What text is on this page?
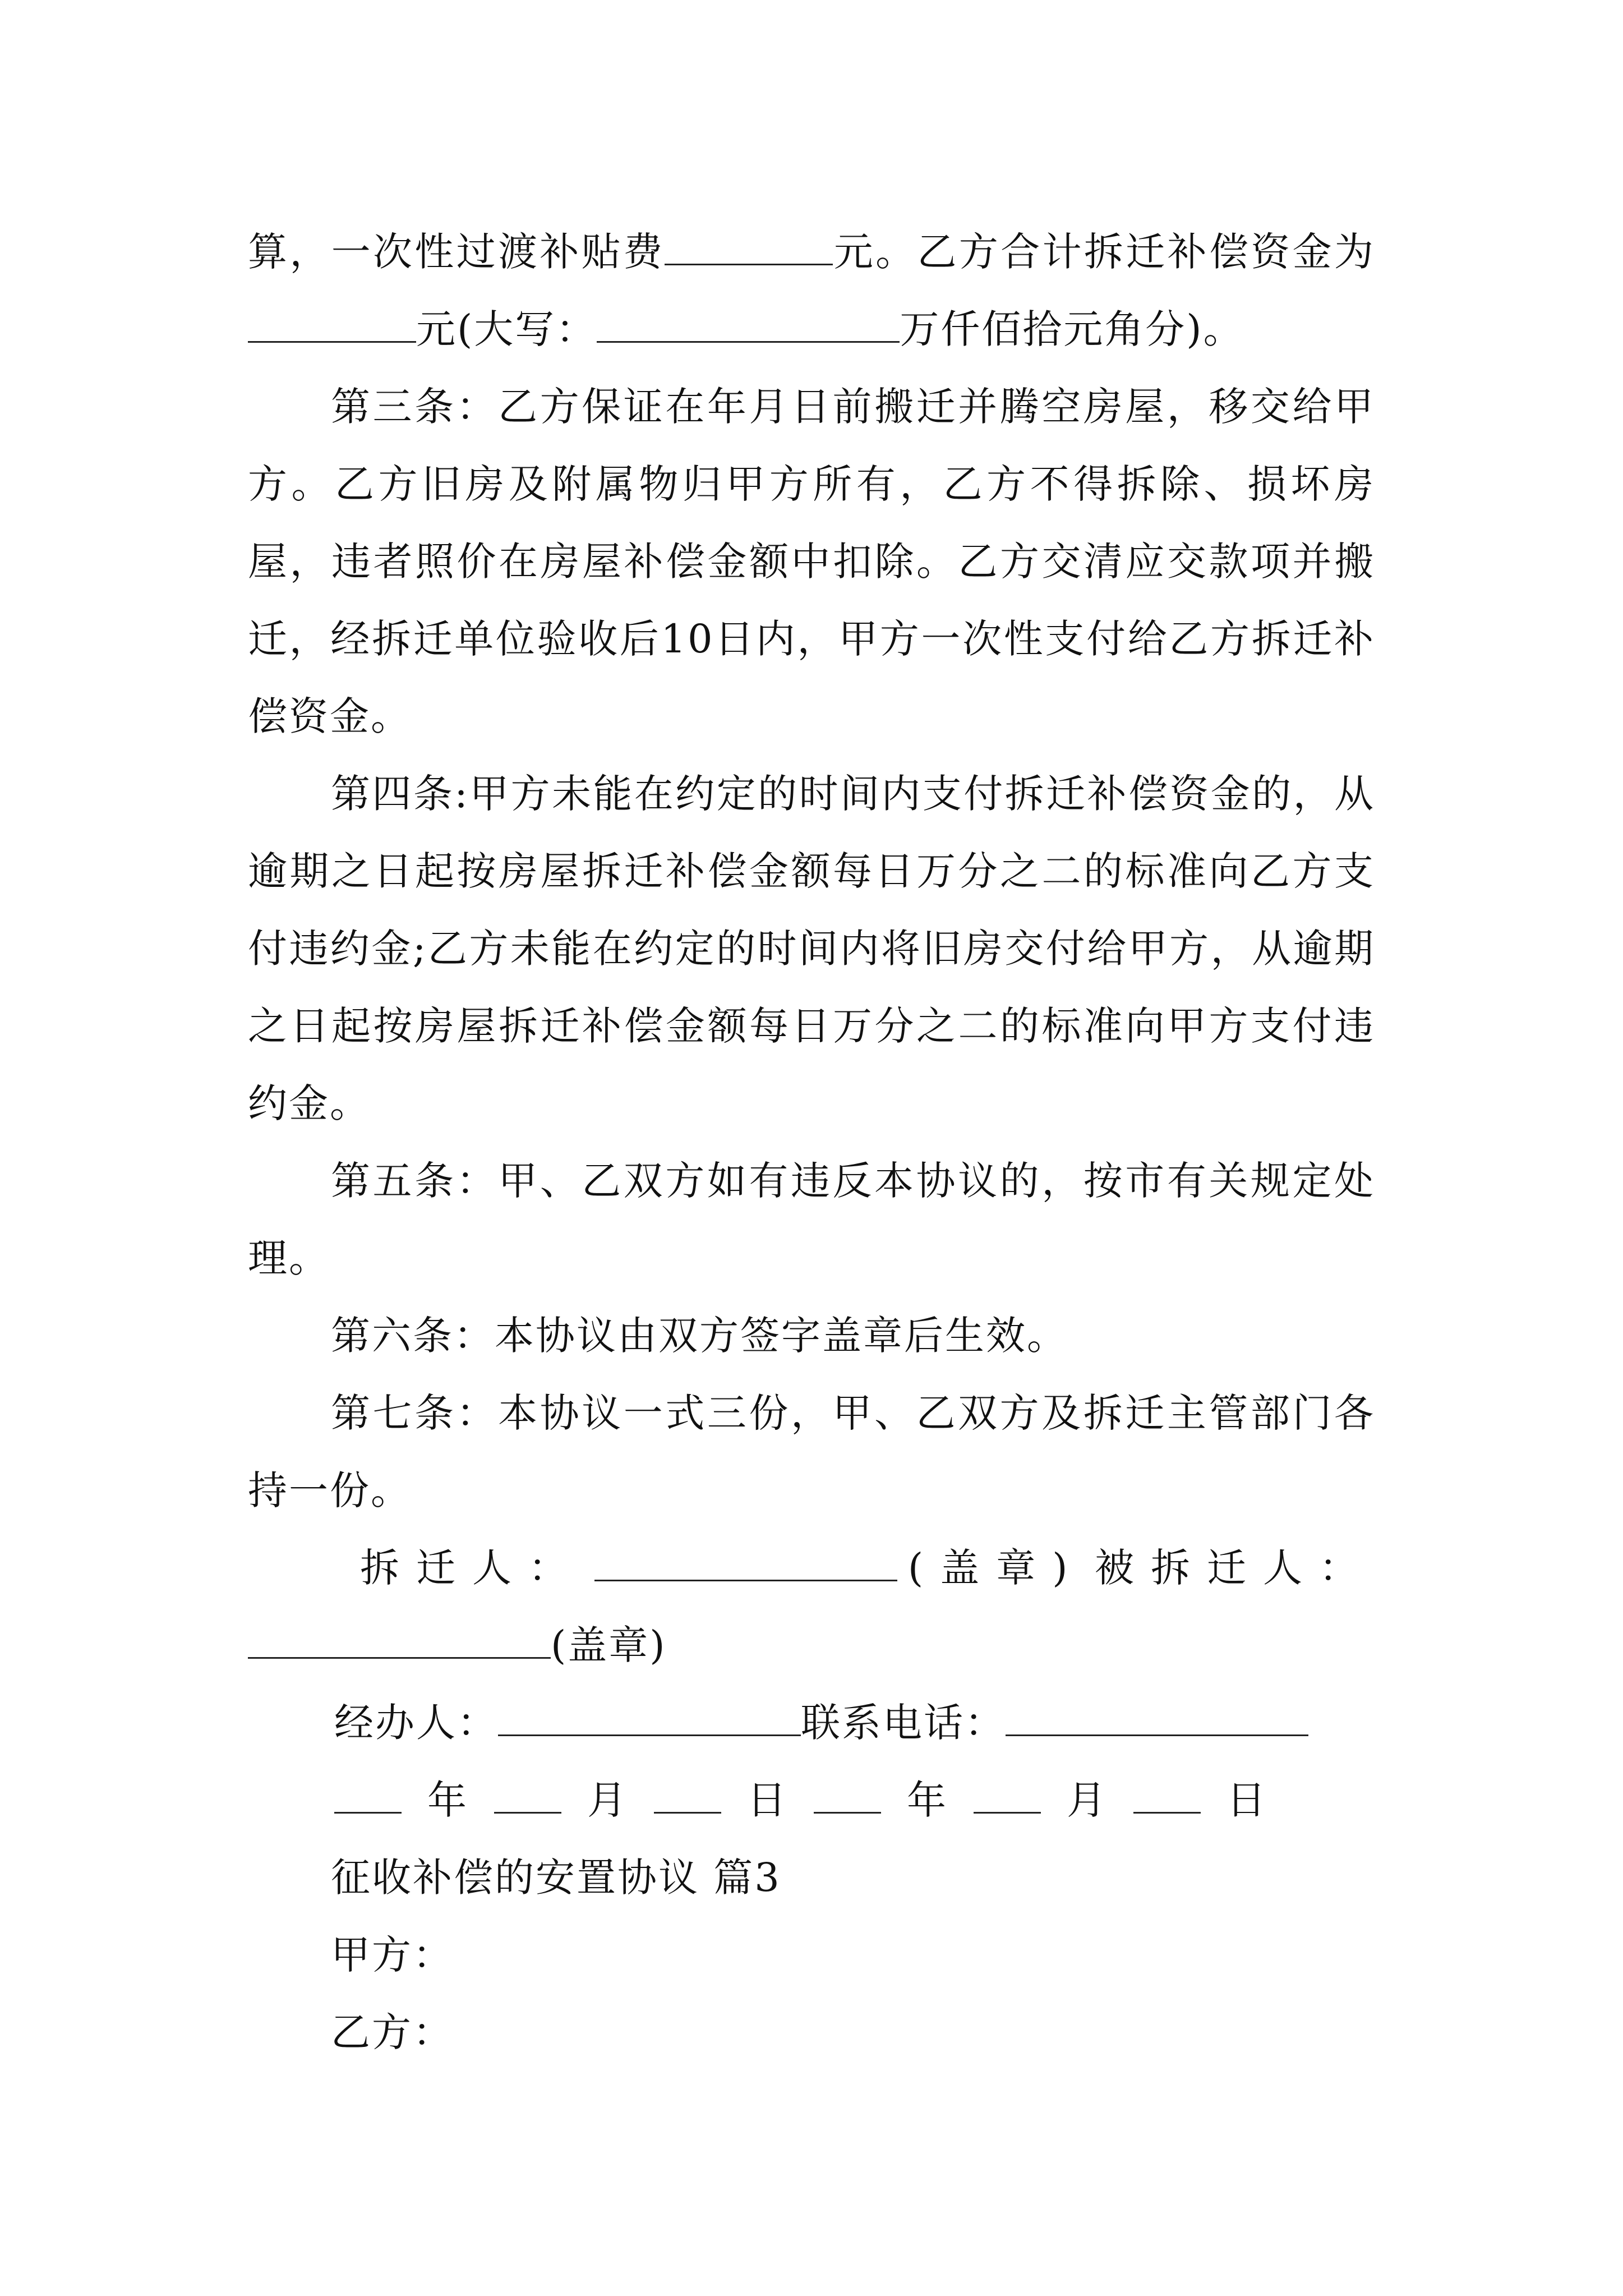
算，一次性过渡补贴费	元。乙方合计拆迁补偿资金为元(大写：	万仟佰拾元角分)。

第三条：乙方保证在年月日前搬迁并腾空房屋，移交给甲方。乙方旧房及附属物归甲方所有，乙方不得拆除、损坏房屋，违者照价在房屋补偿金额中扣除。乙方交清应交款项并搬迁，经拆迁单位验收后10日内，甲方一次性支付给乙方拆迁补偿资金。

第四条:甲方未能在约定的时间内支付拆迁补偿资金的，从逾期之日起按房屋拆迁补偿金额每日万分之二的标准向乙方支付违约金;乙方未能在约定的时间内将旧房交付给甲方，从逾期之日起按房屋拆迁补偿金额每日万分之二的标准向甲方支付违约金。

第五条：甲、乙双方如有违反本协议的，按市有关规定处理。

第六条：本协议由双方签字盖章后生效。

第七条：本协议一式三份，甲、乙双方及拆迁主管部门各持一份。

拆迁人：	(盖章) 被拆迁人：
(盖章)
经办人：	联系电话：
年	月	日	年	月	日

征收补偿的安置协议 篇3

甲方：

乙方：
